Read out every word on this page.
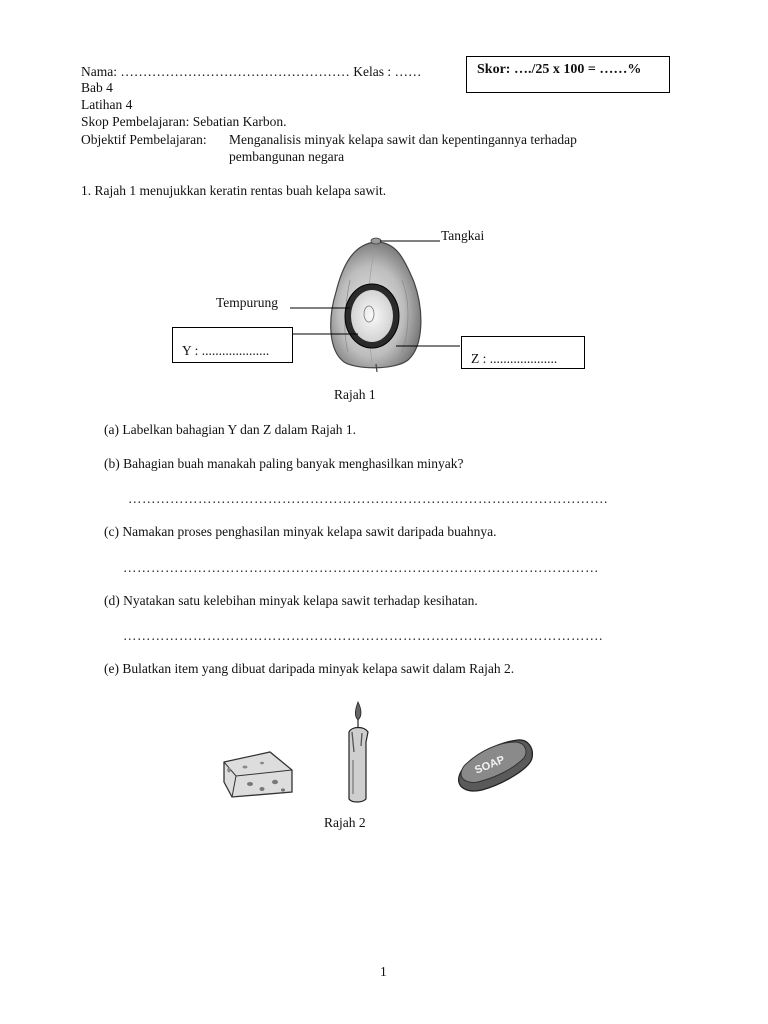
Nama: …………………………………………… Kelas : ……	Skor: …./25 x 100 = ……%
Bab 4
Latihan 4
Skop Pembelajaran: Sebatian Karbon.
Objektif Pembelajaran: Menganalisis minyak kelapa sawit dan kepentingannya terhadap
pembangunan negara
1. Rajah 1 menujukkan keratin rentas buah kelapa sawit.
Tangkai
Tempurung
Y : ....................
Z : ....................
Rajah 1
(a) Labelkan bahagian Y dan Z dalam Rajah 1.
(b) Bahagian buah manakah paling banyak menghasilkan minyak?
………………………………………………………………………………………….
(c) Namakan proses penghasilan minyak kelapa sawit daripada buahnya.
…………………………………………………………………………………………
(d) Nyatakan satu kelebihan minyak kelapa sawit terhadap kesihatan.
………………………………………………………………………………………….
(e) Bulatkan item yang dibuat daripada minyak kelapa sawit dalam Rajah 2.
SOAP
Rajah 2
1
